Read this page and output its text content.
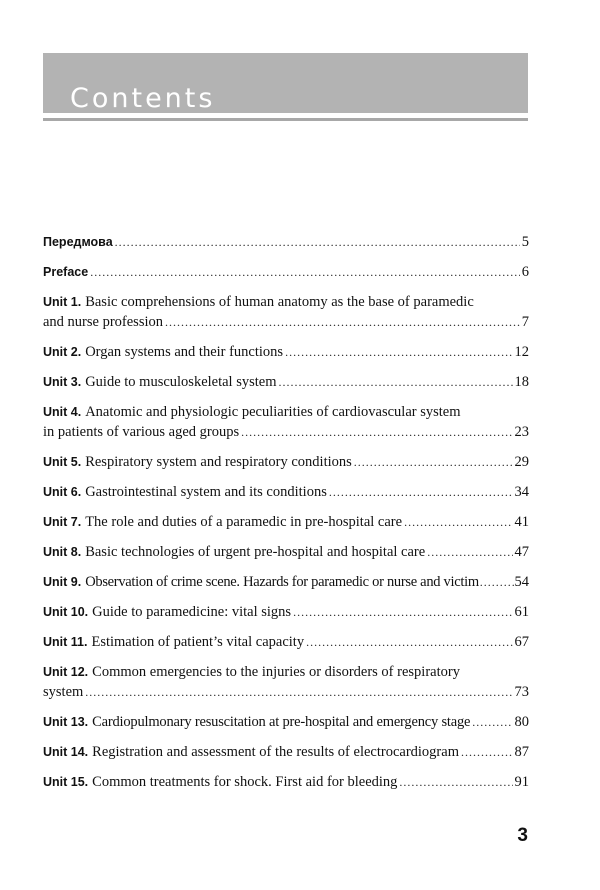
Contents
Передмова .....	5
Preface .....	6
Unit 1. Basic comprehensions of human anatomy as the base of paramedic
and nurse profession .....	7
Unit 2. Organ systems and their functions .....	12
Unit 3. Guide to musculoskeletal system .....	18
Unit 4. Anatomic and physiologic peculiarities of cardiovascular system
in patients of various aged groups .....	23
Unit 5. Respiratory system and respiratory conditions .....	29
Unit 6. Gastrointestinal system and its conditions .....	34
Unit 7. The role and duties of a paramedic in pre-hospital care .....	41
Unit 8. Basic technologies of urgent pre-hospital and hospital care .....	47
Unit 9. Observation of crime scene. Hazards for paramedic or nurse and victim ..... 54
Unit 10. Guide to paramedicine: vital signs .....	61
Unit 11. Estimation of patient’s vital capacity .....	67
Unit 12. Common emergencies to the injuries or disorders of respiratory
system .....	73
Unit 13. Cardiopulmonary resuscitation at pre-hospital and emergency stage .....	80
Unit 14. Registration and assessment of the results of electrocardiogram .....	87
Unit 15. Common treatments for shock. First aid for bleeding .....	91
3
